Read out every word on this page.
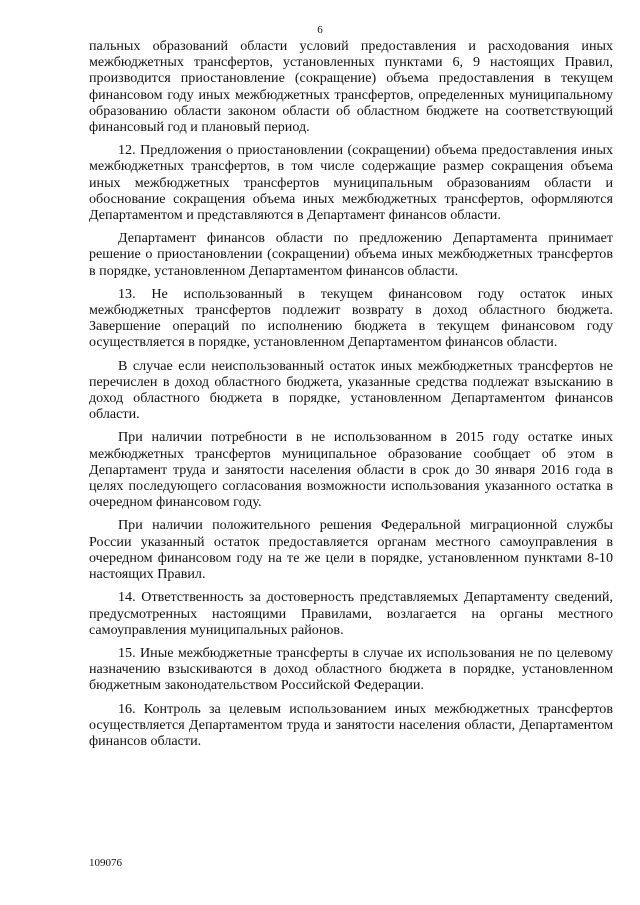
6

пальных образований области условий предоставления и расходования иных межбюджетных трансфертов, установленных пунктами 6, 9 настоящих Правил, производится приостановление (сокращение) объема предоставления в текущем финансовом году иных межбюджетных трансфертов, определенных муниципальному образованию области законом области об областном бюджете на соответствующий финансовый год и плановый период.

12. Предложения о приостановлении (сокращении) объема предоставления иных межбюджетных трансфертов, в том числе содержащие размер сокращения объема иных межбюджетных трансфертов муниципальным образованиям области и обоснование сокращения объема иных межбюджетных трансфертов, оформляются Департаментом и представляются в Департамент финансов области.

Департамент финансов области по предложению Департамента принимает решение о приостановлении (сокращении) объема иных межбюджетных трансфертов в порядке, установленном Департаментом финансов области.

13. Не использованный в текущем финансовом году остаток иных межбюджетных трансфертов подлежит возврату в доход областного бюджета. Завершение операций по исполнению бюджета в текущем финансовом году осуществляется в порядке, установленном Департаментом финансов области.

В случае если неиспользованный остаток иных межбюджетных трансфертов не перечислен в доход областного бюджета, указанные средства подлежат взысканию в доход областного бюджета в порядке, установленном Департаментом финансов области.

При наличии потребности в не использованном в 2015 году остатке иных межбюджетных трансфертов муниципальное образование сообщает об этом в Департамент труда и занятости населения области в срок до 30 января 2016 года в целях последующего согласования возможности использования указанного остатка в очередном финансовом году.

При наличии положительного решения Федеральной миграционной службы России указанный остаток предоставляется органам местного самоуправления в очередном финансовом году на те же цели в порядке, установленном пунктами 8-10 настоящих Правил.

14. Ответственность за достоверность представляемых Департаменту сведений, предусмотренных настоящими Правилами, возлагается на органы местного самоуправления муниципальных районов.

15. Иные межбюджетные трансферты в случае их использования не по целевому назначению взыскиваются в доход областного бюджета в порядке, установленном бюджетным законодательством Российской Федерации.

16. Контроль за целевым использованием иных межбюджетных трансфертов осуществляется Департаментом труда и занятости населения области, Департаментом финансов области.

109076
